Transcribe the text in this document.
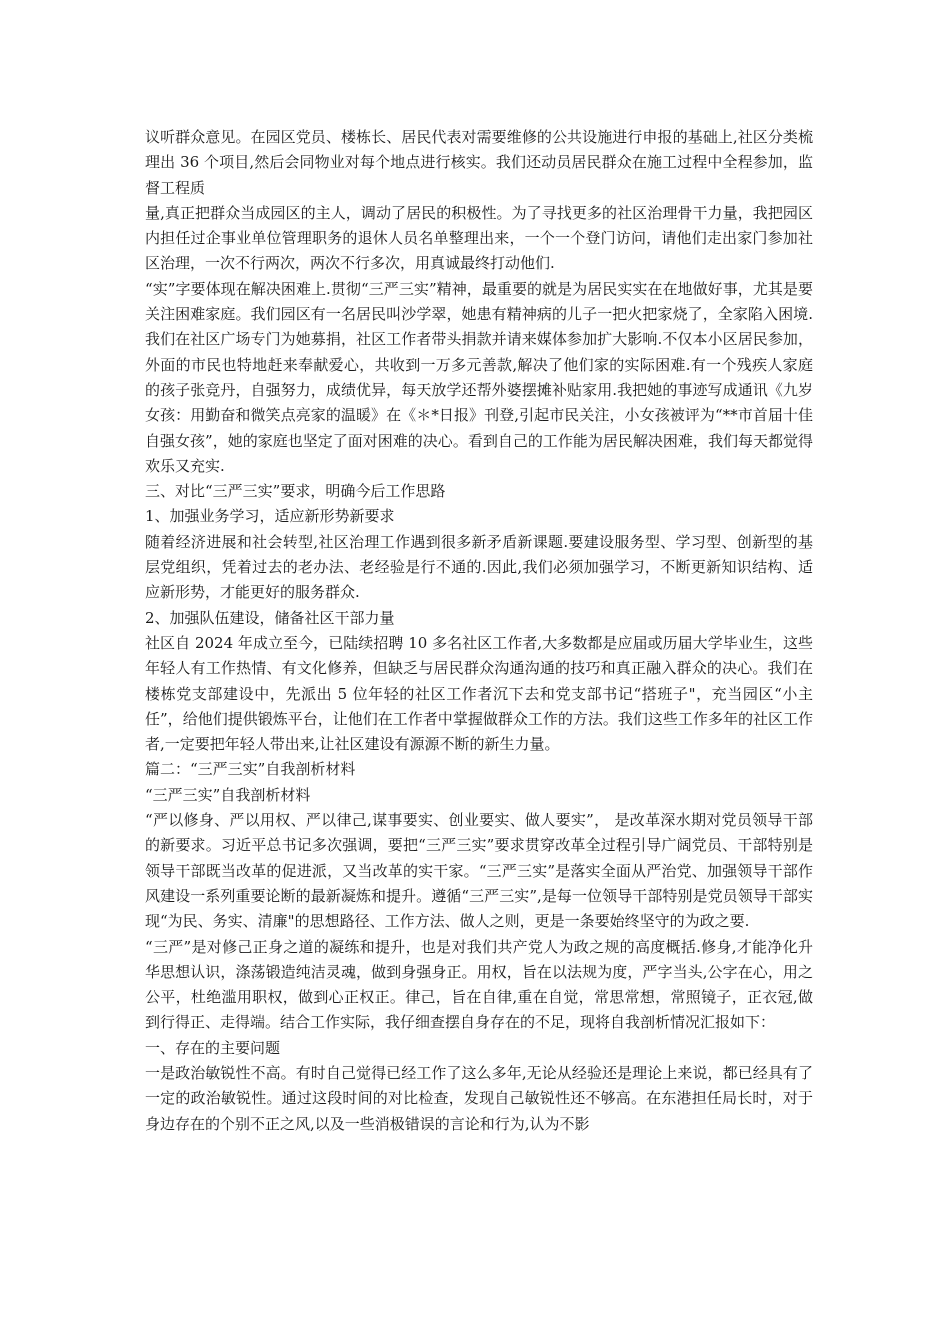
议听群众意见。在园区党员、楼栋长、居民代表对需要维修的公共设施进行申报的基础上,社区分类梳理出 36 个项目,然后会同物业对每个地点进行核实。我们还动员居民群众在施工过程中全程参加，监督工程质

量,真正把群众当成园区的主人，调动了居民的积极性。为了寻找更多的社区治理骨干力量，我把园区内担任过企事业单位管理职务的退休人员名单整理出来，一个一个登门访问，请他们走出家门参加社区治理，一次不行两次，两次不行多次，用真诚最终打动他们.

“实”字要体现在解决困难上.贯彻“三严三实”精神，最重要的就是为居民实实在在地做好事，尤其是要关注困难家庭。我们园区有一名居民叫沙学翠，她患有精神病的儿子一把火把家烧了，全家陷入困境.我们在社区广场专门为她募捐，社区工作者带头捐款并请来媒体参加扩大影响.不仅本小区居民参加，外面的市民也特地赶来奉献爱心，共收到一万多元善款,解决了他们家的实际困难.有一个残疾人家庭的孩子张竞丹，自强努力，成绩优异，每天放学还帮外婆摆摊补贴家用.我把她的事迹写成通讯《九岁女孩：用勤奋和微笑点亮家的温暖》在《＊*日报》刊登,引起市民关注，小女孩被评为“**市首届十佳自强女孩”，她的家庭也坚定了面对困难的决心。看到自己的工作能为居民解决困难，我们每天都觉得欢乐又充实.

三、对比“三严三实”要求，明确今后工作思路

1、加强业务学习，适应新形势新要求

随着经济进展和社会转型,社区治理工作遇到很多新矛盾新课题.要建设服务型、学习型、创新型的基层党组织，凭着过去的老办法、老经验是行不通的.因此,我们必须加强学习，不断更新知识结构、适应新形势，才能更好的服务群众.

2、加强队伍建设，储备社区干部力量

社区自 2024 年成立至今，已陆续招聘 10 多名社区工作者,大多数都是应届或历届大学毕业生，这些年轻人有工作热情、有文化修养，但缺乏与居民群众沟通沟通的技巧和真正融入群众的决心。我们在楼栋党支部建设中，先派出 5 位年轻的社区工作者沉下去和党支部书记“搭班子"，充当园区“小主任”，给他们提供锻炼平台，让他们在工作者中掌握做群众工作的方法。我们这些工作多年的社区工作者,一定要把年轻人带出来,让社区建设有源源不断的新生力量。

篇二：“三严三实”自我剖析材料

“三严三实”自我剖析材料

“严以修身、严以用权、严以律己,谋事要实、创业要实、做人要实”， 是改革深水期对党员领导干部的新要求。习近平总书记多次强调，要把“三严三实”要求贯穿改革全过程引导广阔党员、干部特别是领导干部既当改革的促进派，又当改革的实干家。“三严三实”是落实全面从严治党、加强领导干部作风建设一系列重要论断的最新凝炼和提升。遵循“三严三实”,是每一位领导干部特别是党员领导干部实现“为民、务实、清廉"的思想路径、工作方法、做人之则，更是一条要始终坚守的为政之要.

“三严”是对修己正身之道的凝练和提升，也是对我们共产党人为政之规的高度概括.修身,才能净化升华思想认识，涤荡锻造纯洁灵魂，做到身强身正。用权，旨在以法规为度，严字当头,公字在心，用之公平，杜绝滥用职权，做到心正权正。律己，旨在自律,重在自觉，常思常想，常照镜子，正衣冠,做到行得正、走得端。结合工作实际，我仔细查摆自身存在的不足，现将自我剖析情况汇报如下：

一、存在的主要问题

一是政治敏锐性不高。有时自己觉得已经工作了这么多年,无论从经验还是理论上来说，都已经具有了一定的政治敏锐性。通过这段时间的对比检查，发现自己敏锐性还不够高。在东港担任局长时，对于身边存在的个别不正之风,以及一些消极错误的言论和行为,认为不影
